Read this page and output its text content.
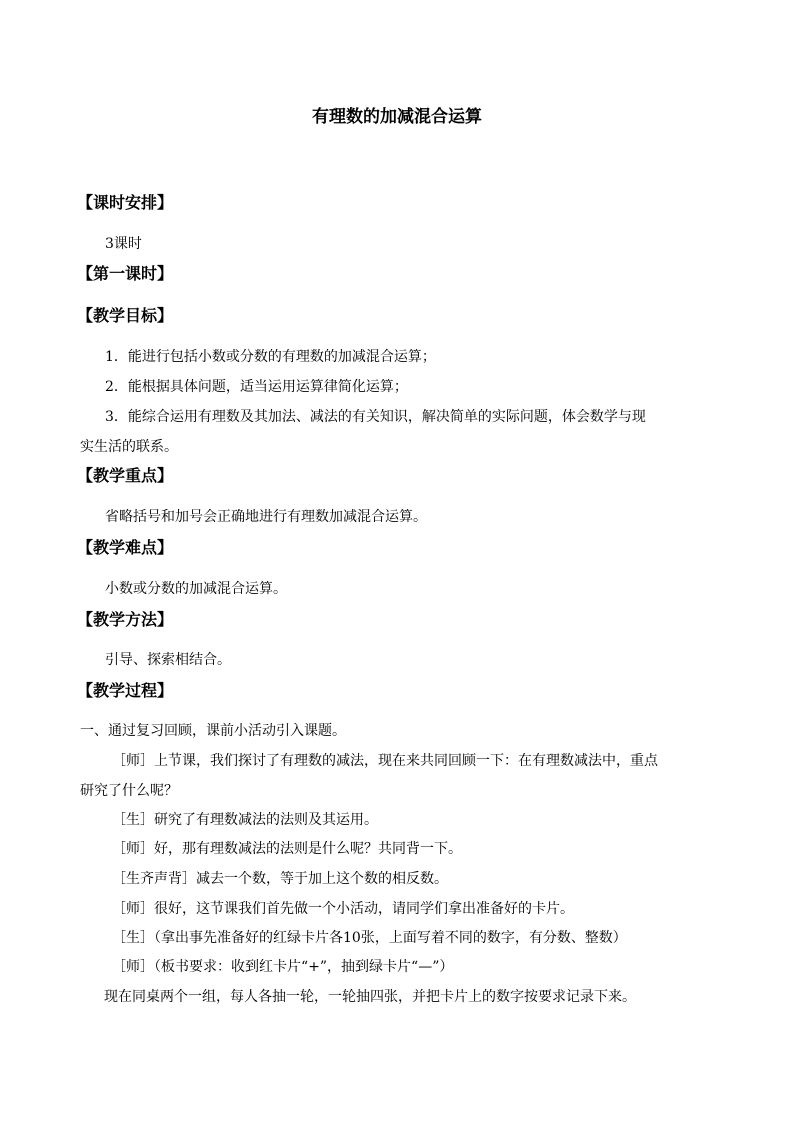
有理数的加减混合运算
【课时安排】
3课时
【第一课时】
【教学目标】
1．能进行包括小数或分数的有理数的加减混合运算；
2．能根据具体问题，适当运用运算律简化运算；
3．能综合运用有理数及其加法、减法的有关知识，解决简单的实际问题，体会数学与现
实生活的联系。
【教学重点】
省略括号和加号会正确地进行有理数加减混合运算。
【教学难点】
小数或分数的加减混合运算。
【教学方法】
引导、探索相结合。
【教学过程】
一、通过复习回顾，课前小活动引入课题。
［师］上节课，我们探讨了有理数的减法，现在来共同回顾一下：在有理数减法中，重点
研究了什么呢？
［生］研究了有理数减法的法则及其运用。
［师］好，那有理数减法的法则是什么呢？共同背一下。
［生齐声背］减去一个数，等于加上这个数的相反数。
［师］很好，这节课我们首先做一个小活动，请同学们拿出准备好的卡片。
［生］（拿出事先准备好的红绿卡片各10张，上面写着不同的数字，有分数、整数）
［师］（板书要求：收到红卡片“+”，抽到绿卡片“—”）
现在同桌两个一组，每人各抽一轮，一轮抽四张，并把卡片上的数字按要求记录下来。
